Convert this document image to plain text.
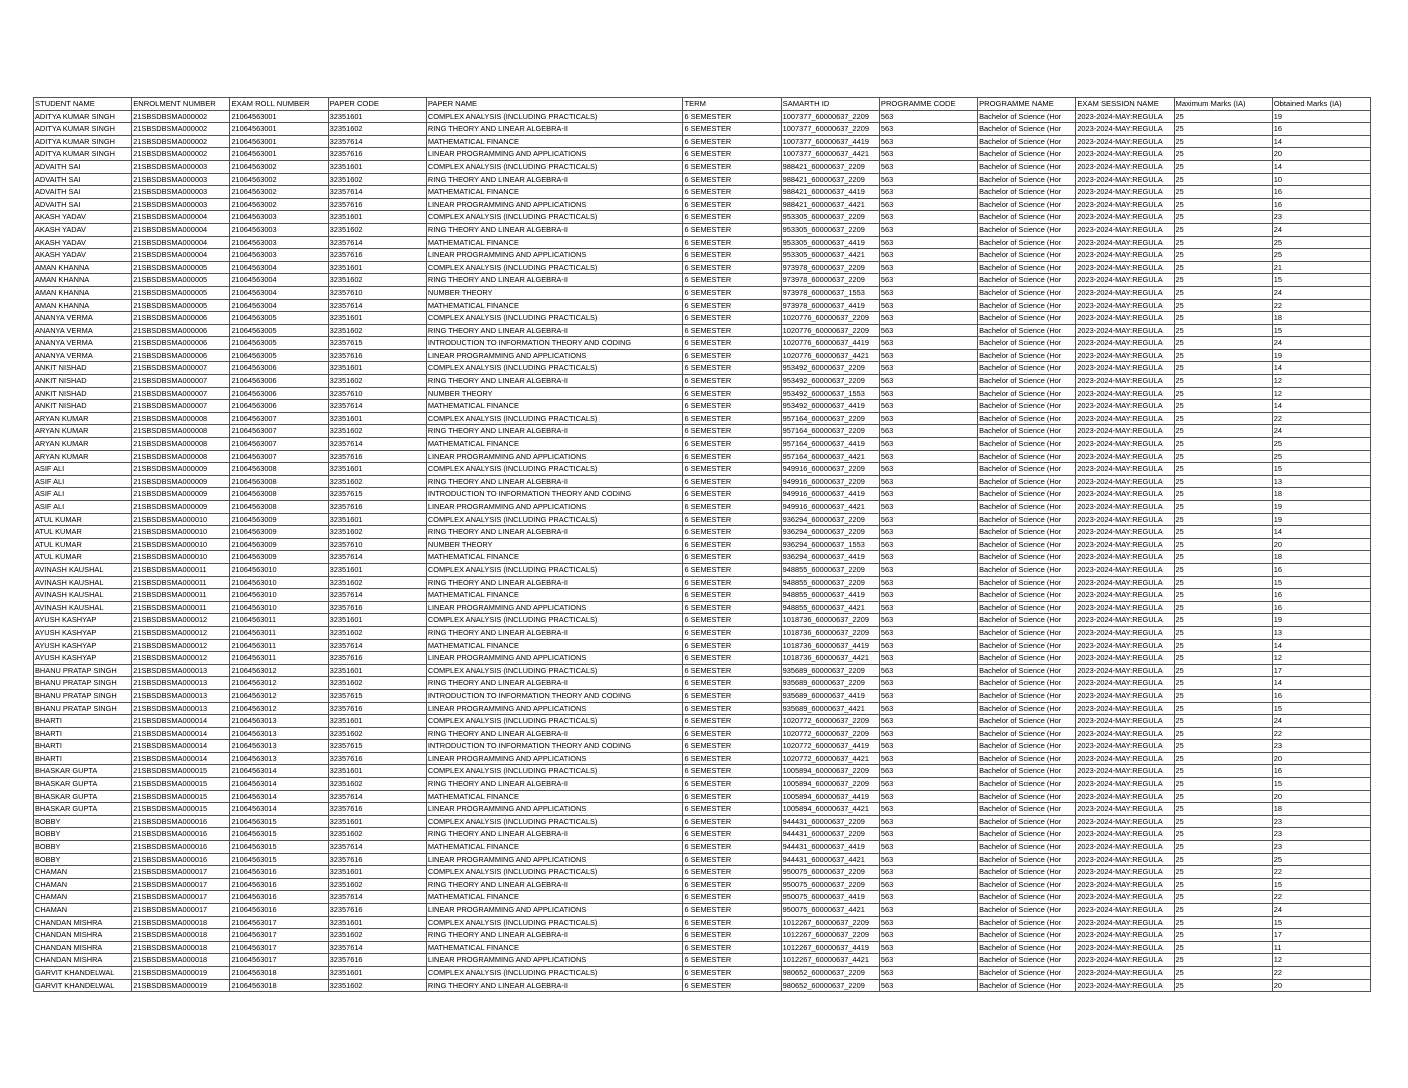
STUDENT NAME	ENROLMENT NUMBER	EXAM ROLL NUMBER	PAPER CODE	PAPER NAME	TERM	SAMARTH ID	PROGRAMME CODE	PROGRAMME NAME	EXAM SESSION NAME	Maximum Marks (IA)	Obtained Marks (IA)
ADITYA KUMAR SINGH	21SBSDBSMA000002	21064563001	32351601	COMPLEX ANALYSIS (INCLUDING PRACTICALS)	6 SEMESTER	1007377_60000637_2209	563	Bachelor of Science (Hor	2023-2024-MAY:REGULA	25	19
ADITYA KUMAR SINGH	21SBSDBSMA000002	21064563001	32351602	RING THEORY AND LINEAR ALGEBRA-II	6 SEMESTER	1007377_60000637_2209	563	Bachelor of Science (Hor	2023-2024-MAY:REGULA	25	16
ADITYA KUMAR SINGH	21SBSDBSMA000002	21064563001	32357614	MATHEMATICAL FINANCE	6 SEMESTER	1007377_60000637_4419	563	Bachelor of Science (Hor	2023-2024-MAY:REGULA	25	14
ADITYA KUMAR SINGH	21SBSDBSMA000002	21064563001	32357616	LINEAR PROGRAMMING AND APPLICATIONS	6 SEMESTER	1007377_60000637_4421	563	Bachelor of Science (Hor	2023-2024-MAY:REGULA	25	20
ADVAITH SAI	21SBSDBSMA000003	21064563002	32351601	COMPLEX ANALYSIS (INCLUDING PRACTICALS)	6 SEMESTER	988421_60000637_2209	563	Bachelor of Science (Hor	2023-2024-MAY:REGULA	25	14
ADVAITH SAI	21SBSDBSMA000003	21064563002	32351602	RING THEORY AND LINEAR ALGEBRA-II	6 SEMESTER	988421_60000637_2209	563	Bachelor of Science (Hor	2023-2024-MAY:REGULA	25	10
ADVAITH SAI	21SBSDBSMA000003	21064563002	32357614	MATHEMATICAL FINANCE	6 SEMESTER	988421_60000637_4419	563	Bachelor of Science (Hor	2023-2024-MAY:REGULA	25	16
ADVAITH SAI	21SBSDBSMA000003	21064563002	32357616	LINEAR PROGRAMMING AND APPLICATIONS	6 SEMESTER	988421_60000637_4421	563	Bachelor of Science (Hor	2023-2024-MAY:REGULA	25	16
AKASH YADAV	21SBSDBSMA000004	21064563003	32351601	COMPLEX ANALYSIS (INCLUDING PRACTICALS)	6 SEMESTER	953305_60000637_2209	563	Bachelor of Science (Hor	2023-2024-MAY:REGULA	25	23
AKASH YADAV	21SBSDBSMA000004	21064563003	32351602	RING THEORY AND LINEAR ALGEBRA-II	6 SEMESTER	953305_60000637_2209	563	Bachelor of Science (Hor	2023-2024-MAY:REGULA	25	24
AKASH YADAV	21SBSDBSMA000004	21064563003	32357614	MATHEMATICAL FINANCE	6 SEMESTER	953305_60000637_4419	563	Bachelor of Science (Hor	2023-2024-MAY:REGULA	25	25
AKASH YADAV	21SBSDBSMA000004	21064563003	32357616	LINEAR PROGRAMMING AND APPLICATIONS	6 SEMESTER	953305_60000637_4421	563	Bachelor of Science (Hor	2023-2024-MAY:REGULA	25	25
AMAN KHANNA	21SBSDBSMA000005	21064563004	32351601	COMPLEX ANALYSIS (INCLUDING PRACTICALS)	6 SEMESTER	973978_60000637_2209	563	Bachelor of Science (Hor	2023-2024-MAY:REGULA	25	21
AMAN KHANNA	21SBSDBSMA000005	21064563004	32351602	RING THEORY AND LINEAR ALGEBRA-II	6 SEMESTER	973978_60000637_2209	563	Bachelor of Science (Hor	2023-2024-MAY:REGULA	25	15
AMAN KHANNA	21SBSDBSMA000005	21064563004	32357610	NUMBER THEORY	6 SEMESTER	973978_60000637_1553	563	Bachelor of Science (Hor	2023-2024-MAY:REGULA	25	24
AMAN KHANNA	21SBSDBSMA000005	21064563004	32357614	MATHEMATICAL FINANCE	6 SEMESTER	973978_60000637_4419	563	Bachelor of Science (Hor	2023-2024-MAY:REGULA	25	22
ANANYA VERMA	21SBSDBSMA000006	21064563005	32351601	COMPLEX ANALYSIS (INCLUDING PRACTICALS)	6 SEMESTER	1020776_60000637_2209	563	Bachelor of Science (Hor	2023-2024-MAY:REGULA	25	18
ANANYA VERMA	21SBSDBSMA000006	21064563005	32351602	RING THEORY AND LINEAR ALGEBRA-II	6 SEMESTER	1020776_60000637_2209	563	Bachelor of Science (Hor	2023-2024-MAY:REGULA	25	15
ANANYA VERMA	21SBSDBSMA000006	21064563005	32357615	INTRODUCTION TO INFORMATION THEORY AND CODING	6 SEMESTER	1020776_60000637_4419	563	Bachelor of Science (Hor	2023-2024-MAY:REGULA	25	24
ANANYA VERMA	21SBSDBSMA000006	21064563005	32357616	LINEAR PROGRAMMING AND APPLICATIONS	6 SEMESTER	1020776_60000637_4421	563	Bachelor of Science (Hor	2023-2024-MAY:REGULA	25	19
ANKIT NISHAD	21SBSDBSMA000007	21064563006	32351601	COMPLEX ANALYSIS (INCLUDING PRACTICALS)	6 SEMESTER	953492_60000637_2209	563	Bachelor of Science (Hor	2023-2024-MAY:REGULA	25	14
ANKIT NISHAD	21SBSDBSMA000007	21064563006	32351602	RING THEORY AND LINEAR ALGEBRA-II	6 SEMESTER	953492_60000637_2209	563	Bachelor of Science (Hor	2023-2024-MAY:REGULA	25	12
ANKIT NISHAD	21SBSDBSMA000007	21064563006	32357610	NUMBER THEORY	6 SEMESTER	953492_60000637_1553	563	Bachelor of Science (Hor	2023-2024-MAY:REGULA	25	12
ANKIT NISHAD	21SBSDBSMA000007	21064563006	32357614	MATHEMATICAL FINANCE	6 SEMESTER	953492_60000637_4419	563	Bachelor of Science (Hor	2023-2024-MAY:REGULA	25	14
ARYAN KUMAR	21SBSDBSMA000008	21064563007	32351601	COMPLEX ANALYSIS (INCLUDING PRACTICALS)	6 SEMESTER	957164_60000637_2209	563	Bachelor of Science (Hor	2023-2024-MAY:REGULA	25	22
ARYAN KUMAR	21SBSDBSMA000008	21064563007	32351602	RING THEORY AND LINEAR ALGEBRA-II	6 SEMESTER	957164_60000637_2209	563	Bachelor of Science (Hor	2023-2024-MAY:REGULA	25	24
ARYAN KUMAR	21SBSDBSMA000008	21064563007	32357614	MATHEMATICAL FINANCE	6 SEMESTER	957164_60000637_4419	563	Bachelor of Science (Hor	2023-2024-MAY:REGULA	25	25
ARYAN KUMAR	21SBSDBSMA000008	21064563007	32357616	LINEAR PROGRAMMING AND APPLICATIONS	6 SEMESTER	957164_60000637_4421	563	Bachelor of Science (Hor	2023-2024-MAY:REGULA	25	25
ASIF ALI	21SBSDBSMA000009	21064563008	32351601	COMPLEX ANALYSIS (INCLUDING PRACTICALS)	6 SEMESTER	949916_60000637_2209	563	Bachelor of Science (Hor	2023-2024-MAY:REGULA	25	15
ASIF ALI	21SBSDBSMA000009	21064563008	32351602	RING THEORY AND LINEAR ALGEBRA-II	6 SEMESTER	949916_60000637_2209	563	Bachelor of Science (Hor	2023-2024-MAY:REGULA	25	13
ASIF ALI	21SBSDBSMA000009	21064563008	32357615	INTRODUCTION TO INFORMATION THEORY AND CODING	6 SEMESTER	949916_60000637_4419	563	Bachelor of Science (Hor	2023-2024-MAY:REGULA	25	18
ASIF ALI	21SBSDBSMA000009	21064563008	32357616	LINEAR PROGRAMMING AND APPLICATIONS	6 SEMESTER	949916_60000637_4421	563	Bachelor of Science (Hor	2023-2024-MAY:REGULA	25	19
ATUL KUMAR	21SBSDBSMA000010	21064563009	32351601	COMPLEX ANALYSIS (INCLUDING PRACTICALS)	6 SEMESTER	936294_60000637_2209	563	Bachelor of Science (Hor	2023-2024-MAY:REGULA	25	19
ATUL KUMAR	21SBSDBSMA000010	21064563009	32351602	RING THEORY AND LINEAR ALGEBRA-II	6 SEMESTER	936294_60000637_2209	563	Bachelor of Science (Hor	2023-2024-MAY:REGULA	25	14
ATUL KUMAR	21SBSDBSMA000010	21064563009	32357610	NUMBER THEORY	6 SEMESTER	936294_60000637_1553	563	Bachelor of Science (Hor	2023-2024-MAY:REGULA	25	20
ATUL KUMAR	21SBSDBSMA000010	21064563009	32357614	MATHEMATICAL FINANCE	6 SEMESTER	936294_60000637_4419	563	Bachelor of Science (Hor	2023-2024-MAY:REGULA	25	18
AVINASH KAUSHAL	21SBSDBSMA000011	21064563010	32351601	COMPLEX ANALYSIS (INCLUDING PRACTICALS)	6 SEMESTER	948855_60000637_2209	563	Bachelor of Science (Hor	2023-2024-MAY:REGULA	25	16
AVINASH KAUSHAL	21SBSDBSMA000011	21064563010	32351602	RING THEORY AND LINEAR ALGEBRA-II	6 SEMESTER	948855_60000637_2209	563	Bachelor of Science (Hor	2023-2024-MAY:REGULA	25	15
AVINASH KAUSHAL	21SBSDBSMA000011	21064563010	32357614	MATHEMATICAL FINANCE	6 SEMESTER	948855_60000637_4419	563	Bachelor of Science (Hor	2023-2024-MAY:REGULA	25	16
AVINASH KAUSHAL	21SBSDBSMA000011	21064563010	32357616	LINEAR PROGRAMMING AND APPLICATIONS	6 SEMESTER	948855_60000637_4421	563	Bachelor of Science (Hor	2023-2024-MAY:REGULA	25	16
AYUSH KASHYAP	21SBSDBSMA000012	21064563011	32351601	COMPLEX ANALYSIS (INCLUDING PRACTICALS)	6 SEMESTER	1018736_60000637_2209	563	Bachelor of Science (Hor	2023-2024-MAY:REGULA	25	19
AYUSH KASHYAP	21SBSDBSMA000012	21064563011	32351602	RING THEORY AND LINEAR ALGEBRA-II	6 SEMESTER	1018736_60000637_2209	563	Bachelor of Science (Hor	2023-2024-MAY:REGULA	25	13
AYUSH KASHYAP	21SBSDBSMA000012	21064563011	32357614	MATHEMATICAL FINANCE	6 SEMESTER	1018736_60000637_4419	563	Bachelor of Science (Hor	2023-2024-MAY:REGULA	25	14
AYUSH KASHYAP	21SBSDBSMA000012	21064563011	32357616	LINEAR PROGRAMMING AND APPLICATIONS	6 SEMESTER	1018736_60000637_4421	563	Bachelor of Science (Hor	2023-2024-MAY:REGULA	25	12
BHANU PRATAP SINGH	21SBSDBSMA000013	21064563012	32351601	COMPLEX ANALYSIS (INCLUDING PRACTICALS)	6 SEMESTER	935689_60000637_2209	563	Bachelor of Science (Hor	2023-2024-MAY:REGULA	25	17
BHANU PRATAP SINGH	21SBSDBSMA000013	21064563012	32351602	RING THEORY AND LINEAR ALGEBRA-II	6 SEMESTER	935689_60000637_2209	563	Bachelor of Science (Hor	2023-2024-MAY:REGULA	25	14
BHANU PRATAP SINGH	21SBSDBSMA000013	21064563012	32357615	INTRODUCTION TO INFORMATION THEORY AND CODING	6 SEMESTER	935689_60000637_4419	563	Bachelor of Science (Hor	2023-2024-MAY:REGULA	25	16
BHANU PRATAP SINGH	21SBSDBSMA000013	21064563012	32357616	LINEAR PROGRAMMING AND APPLICATIONS	6 SEMESTER	935689_60000637_4421	563	Bachelor of Science (Hor	2023-2024-MAY:REGULA	25	15
BHARTI	21SBSDBSMA000014	21064563013	32351601	COMPLEX ANALYSIS (INCLUDING PRACTICALS)	6 SEMESTER	1020772_60000637_2209	563	Bachelor of Science (Hor	2023-2024-MAY:REGULA	25	24
BHARTI	21SBSDBSMA000014	21064563013	32351602	RING THEORY AND LINEAR ALGEBRA-II	6 SEMESTER	1020772_60000637_2209	563	Bachelor of Science (Hor	2023-2024-MAY:REGULA	25	22
BHARTI	21SBSDBSMA000014	21064563013	32357615	INTRODUCTION TO INFORMATION THEORY AND CODING	6 SEMESTER	1020772_60000637_4419	563	Bachelor of Science (Hor	2023-2024-MAY:REGULA	25	23
BHARTI	21SBSDBSMA000014	21064563013	32357616	LINEAR PROGRAMMING AND APPLICATIONS	6 SEMESTER	1020772_60000637_4421	563	Bachelor of Science (Hor	2023-2024-MAY:REGULA	25	20
BHASKAR GUPTA	21SBSDBSMA000015	21064563014	32351601	COMPLEX ANALYSIS (INCLUDING PRACTICALS)	6 SEMESTER	1005894_60000637_2209	563	Bachelor of Science (Hor	2023-2024-MAY:REGULA	25	16
BHASKAR GUPTA	21SBSDBSMA000015	21064563014	32351602	RING THEORY AND LINEAR ALGEBRA-II	6 SEMESTER	1005894_60000637_2209	563	Bachelor of Science (Hor	2023-2024-MAY:REGULA	25	15
BHASKAR GUPTA	21SBSDBSMA000015	21064563014	32357614	MATHEMATICAL FINANCE	6 SEMESTER	1005894_60000637_4419	563	Bachelor of Science (Hor	2023-2024-MAY:REGULA	25	20
BHASKAR GUPTA	21SBSDBSMA000015	21064563014	32357616	LINEAR PROGRAMMING AND APPLICATIONS	6 SEMESTER	1005894_60000637_4421	563	Bachelor of Science (Hor	2023-2024-MAY:REGULA	25	18
BOBBY	21SBSDBSMA000016	21064563015	32351601	COMPLEX ANALYSIS (INCLUDING PRACTICALS)	6 SEMESTER	944431_60000637_2209	563	Bachelor of Science (Hor	2023-2024-MAY:REGULA	25	23
BOBBY	21SBSDBSMA000016	21064563015	32351602	RING THEORY AND LINEAR ALGEBRA-II	6 SEMESTER	944431_60000637_2209	563	Bachelor of Science (Hor	2023-2024-MAY:REGULA	25	23
BOBBY	21SBSDBSMA000016	21064563015	32357614	MATHEMATICAL FINANCE	6 SEMESTER	944431_60000637_4419	563	Bachelor of Science (Hor	2023-2024-MAY:REGULA	25	23
BOBBY	21SBSDBSMA000016	21064563015	32357616	LINEAR PROGRAMMING AND APPLICATIONS	6 SEMESTER	944431_60000637_4421	563	Bachelor of Science (Hor	2023-2024-MAY:REGULA	25	25
CHAMAN	21SBSDBSMA000017	21064563016	32351601	COMPLEX ANALYSIS (INCLUDING PRACTICALS)	6 SEMESTER	950075_60000637_2209	563	Bachelor of Science (Hor	2023-2024-MAY:REGULA	25	22
CHAMAN	21SBSDBSMA000017	21064563016	32351602	RING THEORY AND LINEAR ALGEBRA-II	6 SEMESTER	950075_60000637_2209	563	Bachelor of Science (Hor	2023-2024-MAY:REGULA	25	15
CHAMAN	21SBSDBSMA000017	21064563016	32357614	MATHEMATICAL FINANCE	6 SEMESTER	950075_60000637_4419	563	Bachelor of Science (Hor	2023-2024-MAY:REGULA	25	22
CHAMAN	21SBSDBSMA000017	21064563016	32357616	LINEAR PROGRAMMING AND APPLICATIONS	6 SEMESTER	950075_60000637_4421	563	Bachelor of Science (Hor	2023-2024-MAY:REGULA	25	24
CHANDAN MISHRA	21SBSDBSMA000018	21064563017	32351601	COMPLEX ANALYSIS (INCLUDING PRACTICALS)	6 SEMESTER	1012267_60000637_2209	563	Bachelor of Science (Hor	2023-2024-MAY:REGULA	25	15
CHANDAN MISHRA	21SBSDBSMA000018	21064563017	32351602	RING THEORY AND LINEAR ALGEBRA-II	6 SEMESTER	1012267_60000637_2209	563	Bachelor of Science (Hor	2023-2024-MAY:REGULA	25	17
CHANDAN MISHRA	21SBSDBSMA000018	21064563017	32357614	MATHEMATICAL FINANCE	6 SEMESTER	1012267_60000637_4419	563	Bachelor of Science (Hor	2023-2024-MAY:REGULA	25	11
CHANDAN MISHRA	21SBSDBSMA000018	21064563017	32357616	LINEAR PROGRAMMING AND APPLICATIONS	6 SEMESTER	1012267_60000637_4421	563	Bachelor of Science (Hor	2023-2024-MAY:REGULA	25	12
GARVIT KHANDELWAL	21SBSDBSMA000019	21064563018	32351601	COMPLEX ANALYSIS (INCLUDING PRACTICALS)	6 SEMESTER	980652_60000637_2209	563	Bachelor of Science (Hor	2023-2024-MAY:REGULA	25	22
GARVIT KHANDELWAL	21SBSDBSMA000019	21064563018	32351602	RING THEORY AND LINEAR ALGEBRA-II	6 SEMESTER	980652_60000637_2209	563	Bachelor of Science (Hor	2023-2024-MAY:REGULA	25	20
